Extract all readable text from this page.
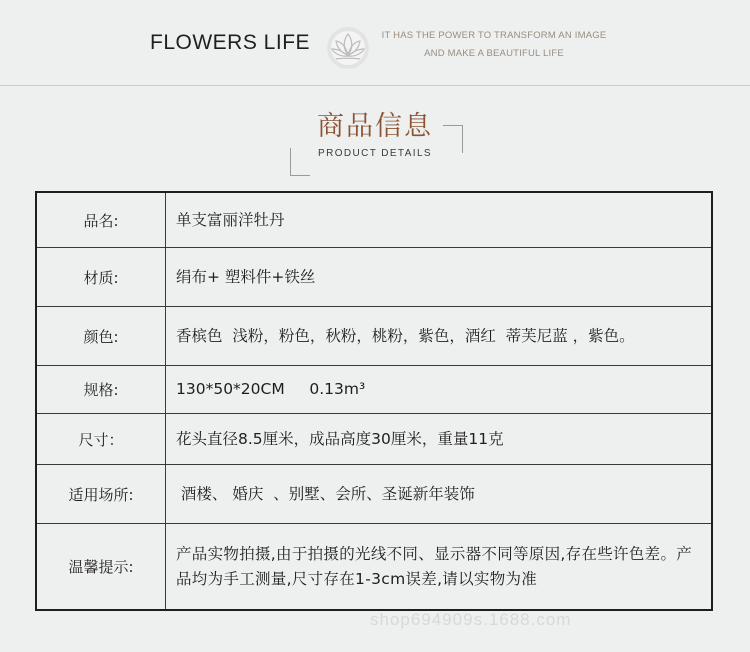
FLOWERS LIFE	IT HAS THE POWER TO TRANSFORM AN IMAGE
AND MAKE A BEAUTIFUL LIFE
商品信息
PRODUCT DETAILS
品名:	单支富丽洋牡丹
材质:	绢布+ 塑料件+铁丝
颜色:	香槟色  浅粉，粉色，秋粉，桃粉，紫色，酒红  蒂芙尼蓝 ，紫色。
规格:	130*50*20CM     0.13m³
尺寸：	花头直径8.5厘米，成品高度30厘米，重量11克
适用场所:	酒楼、 婚庆  、别墅、会所、圣诞新年装饰
温馨提示:
产品实物拍摄,由于拍摄的光线不同、显示器不同等原因,存在些许色差。产品均为手工测量,尺寸存在1-3cm误差,请以实物为准
shop694909s.1688.com
